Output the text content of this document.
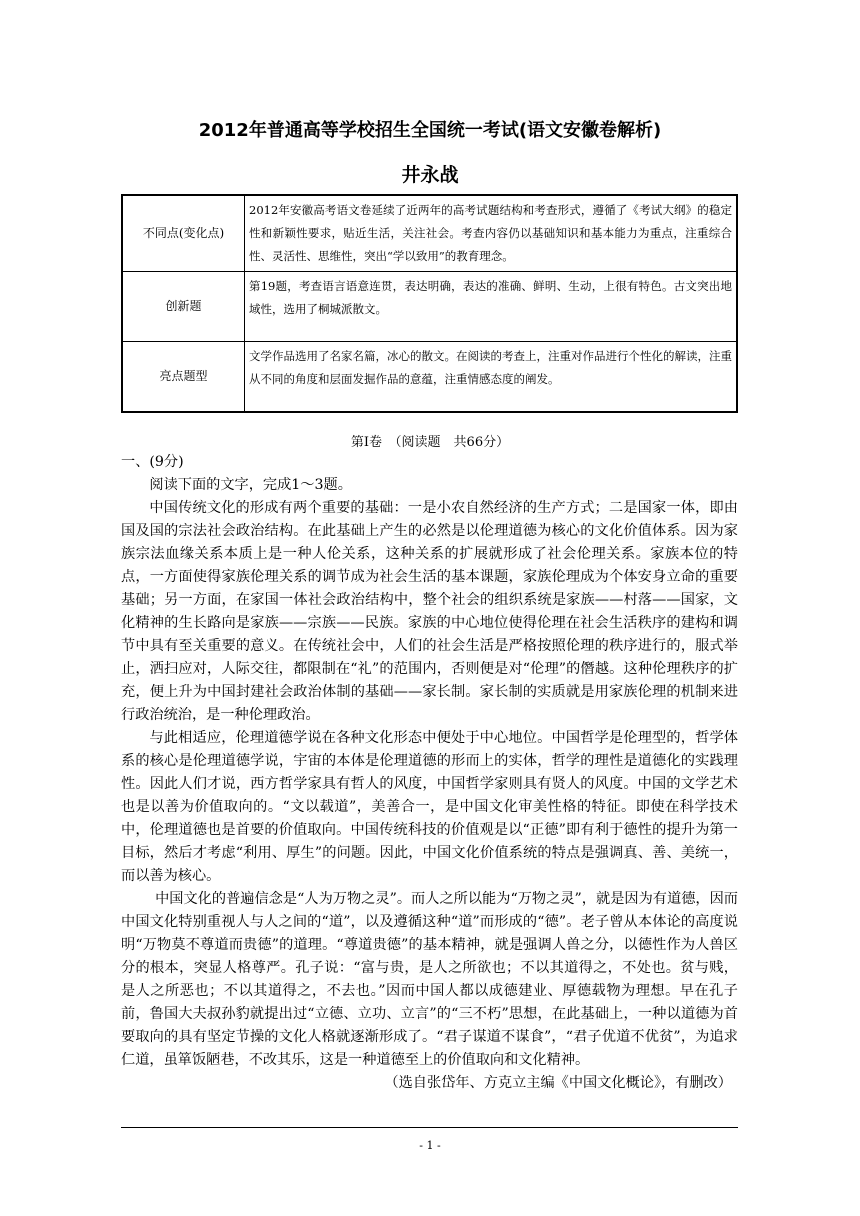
2012年普通高等学校招生全国统一考试(语文安徽卷解析)
井永战
不同点(变化点)	2012年安徽高考语文卷延续了近两年的高考试题结构和考查形式，遵循了《考试大纲》的稳定性和新颖性要求，贴近生活，关注社会。考查内容仍以基础知识和基本能力为重点，注重综合性、灵活性、思维性，突出“学以致用”的教育理念。
创新题	第19题，考查语言语意连贯，表达明确，表达的准确、鲜明、生动，上很有特色。古文突出地域性，选用了桐城派散文。
亮点题型	文学作品选用了名家名篇，冰心的散文。在阅读的考查上，注重对作品进行个性化的解读，注重从不同的角度和层面发掘作品的意蕴，注重情感态度的阐发。
第Ⅰ卷　（阅读题　共66分）

一、(9分)

阅读下面的文字，完成1～3题。

中国传统文化的形成有两个重要的基础：一是小农自然经济的生产方式；二是国家一体，即由国及国的宗法社会政治结构。在此基础上产生的必然是以伦理道德为核心的文化价值体系。因为家族宗法血缘关系本质上是一种人伦关系，这种关系的扩展就形成了社会伦理关系。家族本位的特点，一方面使得家族伦理关系的调节成为社会生活的基本课题，家族伦理成为个体安身立命的重要基础；另一方面，在家国一体社会政治结构中，整个社会的组织系统是家族——村落——国家，文化精神的生长路向是家族——宗族——民族。家族的中心地位使得伦理在社会生活秩序的建构和调节中具有至关重要的意义。在传统社会中，人们的社会生活是严格按照伦理的秩序进行的，服式举止，洒扫应对，人际交往，都限制在“礼”的范围内，否则便是对“伦理”的僭越。这种伦理秩序的扩充，便上升为中国封建社会政治体制的基础——家长制。家长制的实质就是用家族伦理的机制来进行政治统治，是一种伦理政治。

与此相适应，伦理道德学说在各种文化形态中便处于中心地位。中国哲学是伦理型的，哲学体系的核心是伦理道德学说，宇宙的本体是伦理道德的形而上的实体，哲学的理性是道德化的实践理性。因此人们才说，西方哲学家具有哲人的风度，中国哲学家则具有贤人的风度。中国的文学艺术也是以善为价值取向的。“文以载道”，美善合一，是中国文化审美性格的特征。即使在科学技术中，伦理道德也是首要的价值取向。中国传统科技的价值观是以“正德”即有利于德性的提升为第一目标，然后才考虑“利用、厚生”的问题。因此，中国文化价值系统的特点是强调真、善、美统一，而以善为核心。

中国文化的普遍信念是“人为万物之灵”。而人之所以能为“万物之灵”，就是因为有道德，因而中国文化特别重视人与人之间的“道”，以及遵循这种“道”而形成的“德”。老子曾从本体论的高度说明“万物莫不尊道而贵德”的道理。“尊道贵德”的基本精神，就是强调人兽之分，以德性作为人兽区分的根本，突显人格尊严。孔子说：“富与贵，是人之所欲也；不以其道得之，不处也。贫与贱，是人之所恶也；不以其道得之，不去也。”因而中国人都以成德建业、厚德载物为理想。早在孔子前，鲁国大夫叔孙豹就提出过“立德、立功、立言”的“三不朽”思想，在此基础上，一种以道德为首要取向的具有坚定节操的文化人格就逐渐形成了。“君子谋道不谋食”，“君子优道不优贫”，为追求仁道，虽箪饭陋巷，不改其乐，这是一种道德至上的价值取向和文化精神。

（选自张岱年、方克立主编《中国文化概论》，有删改）

- 1 -
